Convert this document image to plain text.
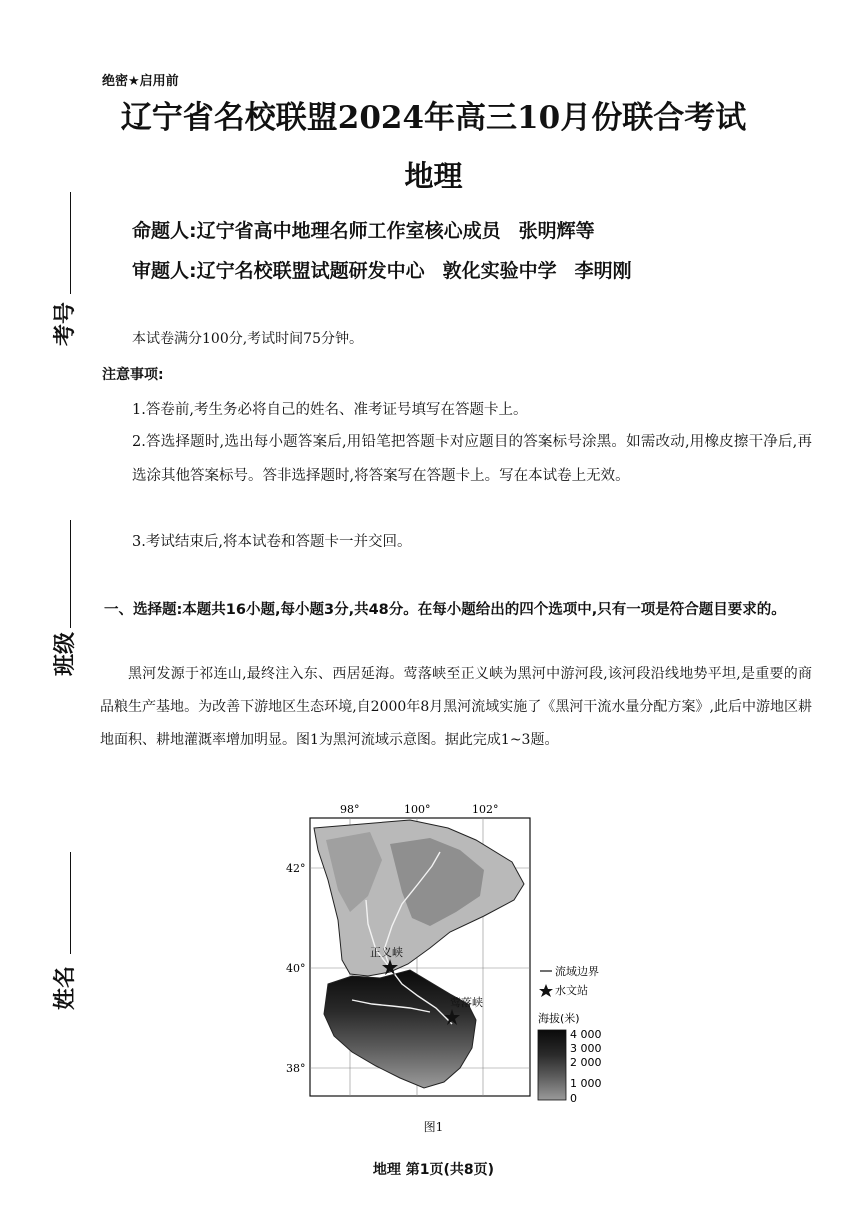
绝密★启用前
辽宁省名校联盟2024年高三10月份联合考试
地理
命题人:辽宁省高中地理名师工作室核心成员 张明辉等
审题人:辽宁名校联盟试题研发中心 敦化实验中学 李明刚
考号
班级
姓名
本试卷满分100分,考试时间75分钟。
注意事项:
1.答卷前,考生务必将自己的姓名、准考证号填写在答题卡上。
2.答选择题时,选出每小题答案后,用铅笔把答题卡对应题目的答案标号涂黑。如需改动,用橡皮擦干净后,再选涂其他答案标号。答非选择题时,将答案写在答题卡上。写在本试卷上无效。
3.考试结束后,将本试卷和答题卡一并交回。
一、选择题:本题共16小题,每小题3分,共48分。在每小题给出的四个选项中,只有一项是符合题目要求的。
黑河发源于祁连山,最终注入东、西居延海。莺落峡至正义峡为黑河中游河段,该河段沿线地势平坦,是重要的商品粮生产基地。为改善下游地区生态环境,自2000年8月黑河流域实施了《黑河干流水量分配方案》,此后中游地区耕地面积、耕地灌溉率增加明显。图1为黑河流域示意图。据此完成1~3题。
正义峡
莺落峡
98°	100°	102°
42°
40°
38°
流域边界
水文站
海拔(米)
4 000
3 000
2 000
1 000
0
图1
地理 第1页(共8页)
